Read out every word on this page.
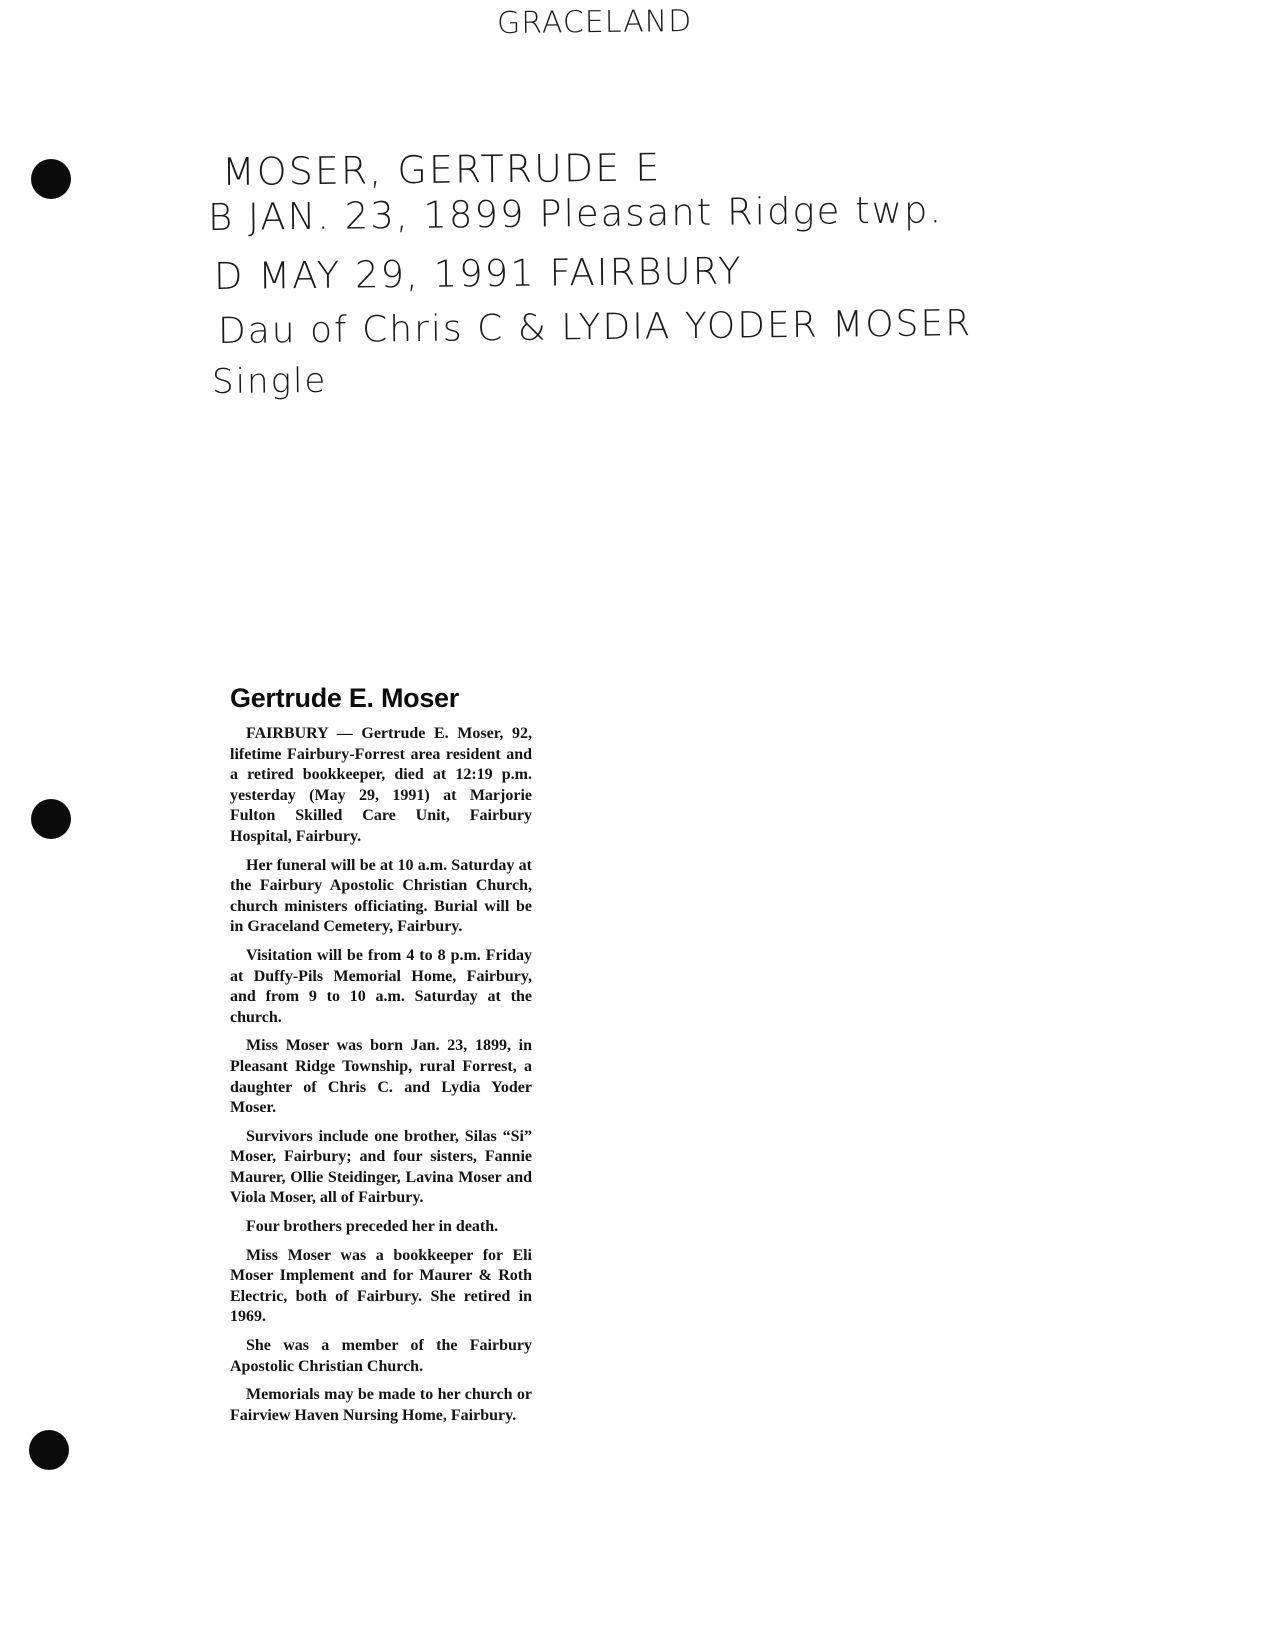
GRACELAND
MOSER, GERTRUDE E
B JAN. 23, 1899 Pleasant Ridge twp.
D MAY 29, 1991 FAIRBURY
Dau of Chris C & LYDIA YODER MOSER
Single
Gertrude E. Moser

FAIRBURY — Gertrude E. Moser, 92, lifetime Fairbury-Forrest area resident and a retired bookkeeper, died at 12:19 p.m. yesterday (May 29, 1991) at Marjorie Fulton Skilled Care Unit, Fairbury Hospital, Fairbury.

Her funeral will be at 10 a.m. Saturday at the Fairbury Apostolic Christian Church, church ministers officiating. Burial will be in Graceland Cemetery, Fairbury.

Visitation will be from 4 to 8 p.m. Friday at Duffy-Pils Memorial Home, Fairbury, and from 9 to 10 a.m. Saturday at the church.

Miss Moser was born Jan. 23, 1899, in Pleasant Ridge Township, rural Forrest, a daughter of Chris C. and Lydia Yoder Moser.

Survivors include one brother, Silas “Si” Moser, Fairbury; and four sisters, Fannie Maurer, Ollie Steidinger, Lavina Moser and Viola Moser, all of Fairbury.

Four brothers preceded her in death.

Miss Moser was a bookkeeper for Eli Moser Implement and for Maurer & Roth Electric, both of Fairbury. She retired in 1969.

She was a member of the Fairbury Apostolic Christian Church.

Memorials may be made to her church or Fairview Haven Nursing Home, Fairbury.
